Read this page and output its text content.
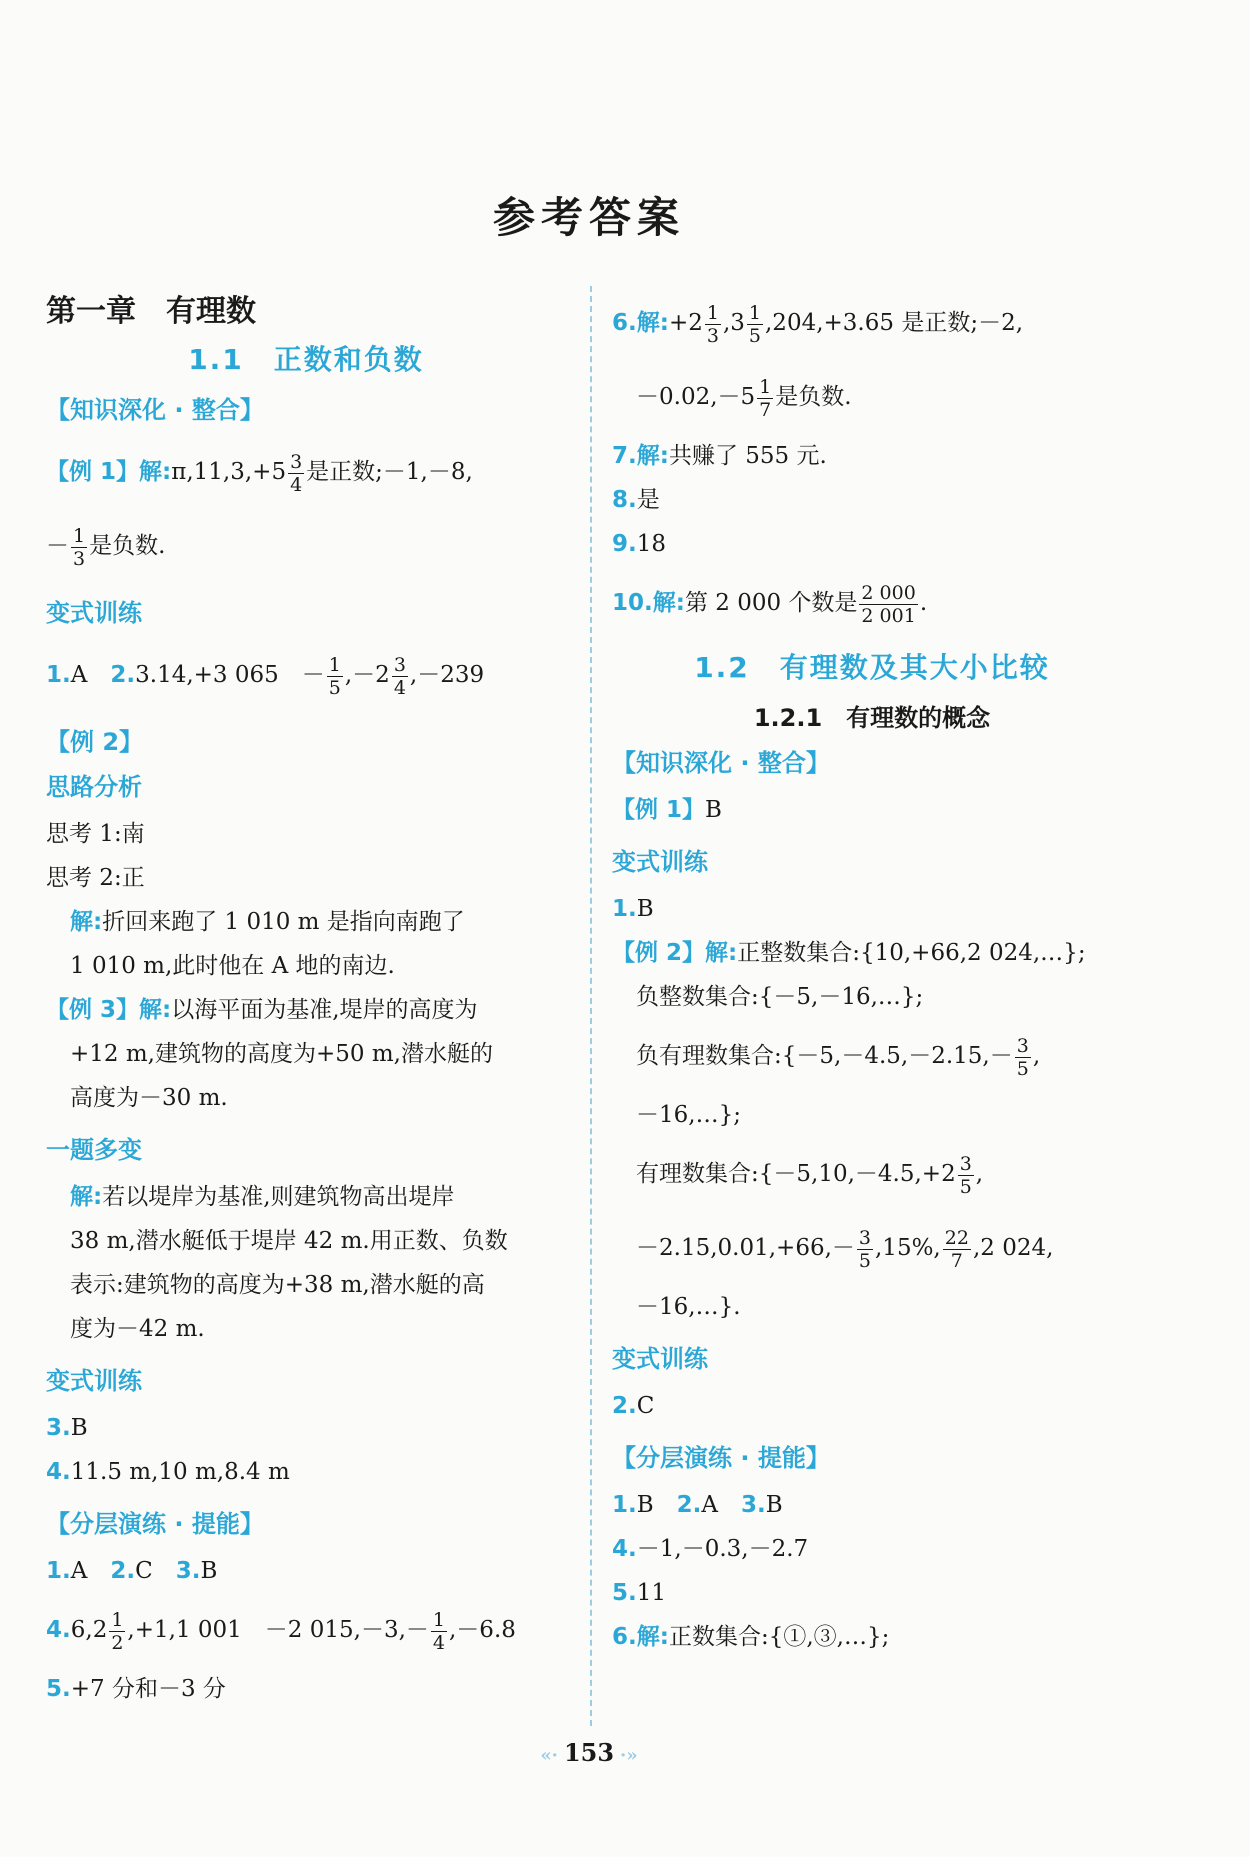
参考答案
第一章　有理数
1.1　正数和负数
【知识深化 · 整合】
【例 1】解:π,11,3,+5 $\frac{3}{4}$ 是正数;－1,－8,
－ $\frac{1}{3}$ 是负数.
变式训练
1.A　 2.3.14,+3 065　－ $\frac{1}{5} ,-2 \frac{3}{4} ,-239$
【例 2】
思路分析
思考 1:南
思考 2:正
解:折回来跑了 1 010 m 是指向南跑了
1 010 m,此时他在 A 地的南边.
【例 3】解:以海平面为基准,堤岸的高度为
+12 m,建筑物的高度为+50 m,潜水艇的
高度为－30 m.
一题多变
解:若以堤岸为基准,则建筑物高出堤岸
38 m,潜水艇低于堤岸 42 m.用正数、负数
表示:建筑物的高度为+38 m,潜水艇的高
度为－42 m.
变式训练
3.B
4.11.5 m,10 m,8.4 m
【分层演练 · 提能】
1.A　 2.C　 3.B
$4.6,2 \frac{1}{2} ,+1,1$ 001　－2 $015,-3,- \frac{1}{4} ,-6.8$
5.+7 分和－3 分
6.解:+2 $\frac{1}{3} ,3 \frac{1}{5} ,204,+3.65$ 是正数;－2,
$-0.02,-5 \frac{1}{7}$ 是负数.
7.解:共赚了 555 元.
8.是
9.18
10.解:第 2 000 个数是 $\frac{2 000}{2 001}$ .
1.2　有理数及其大小比较
1.2.1　有理数的概念
【知识深化 · 整合】
【例 1】B
变式训练
1.B
【例 2】解:正整数集合:{10,+66,2 024,…};
负整数集合:{－5,－16,…};
负有理数集合:{－5,－4.5,－2.15,－ $\frac{3}{5}$ ,
－16,…};
有理数集合:{－5,10,－4.5,+2 $\frac{3}{5}$ ,
$-2.15,0.01,+66,- \frac{3}{5} ,15\%$, $\frac{22}{7} ,2$ 024,
－16,…}.
变式训练
2.C
【分层演练 · 提能】
1.B　 2.A　 3.B
4.－1,－0.3,－2.7
5.11
6.解:正数集合:{①,③,…};
«· 153 ·»
